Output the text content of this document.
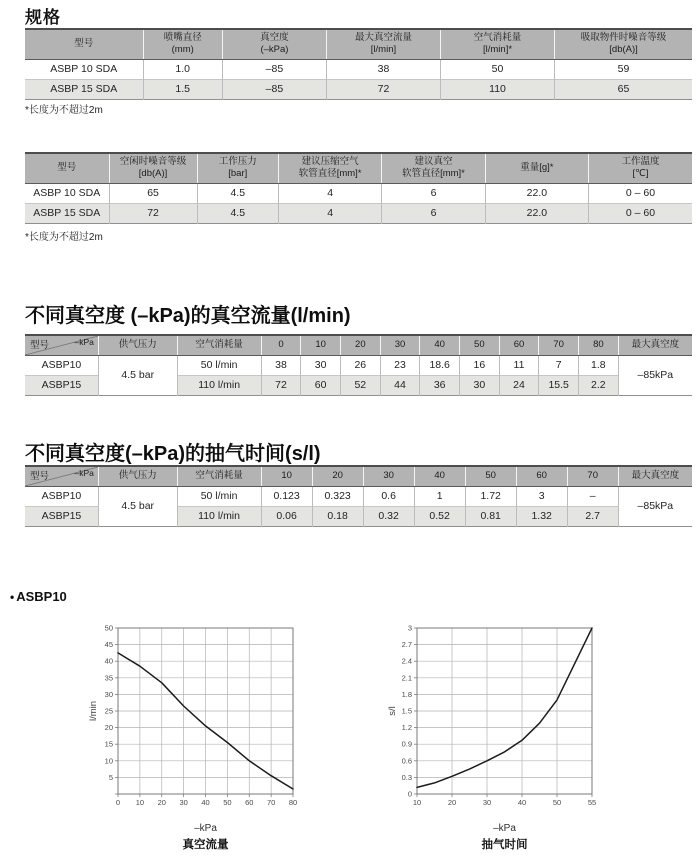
规格
型号

喷嘴直径
(mm)

真空度
(–kPa)

最大真空流量
[l/min]

空气消耗量
[l/min]*

吸取物件时噪音等级
[db(A)]

ASBP 10 SDA	1.0	–85	38	50	59
ASBP 15 SDA	1.5	–85	72	110	65
*长度为不超过2m
型号

空闲时噪音等级
[db(A)]

工作压力
[bar]

建议压缩空气
软管直径[mm]*

建议真空
软管直径[mm]*

重量[g]*

工作温度
[℃]

ASBP 10 SDA	65	4.5	4	6	22.0	0 – 60
ASBP 15 SDA	72	4.5	4	6	22.0	0 – 60
*长度为不超过2m
不同真空度 (–kPa)的真空流量(l/min)
–kPa
型号	供气压力	空气消耗量	0	10	20	30	40	50	60	70	80	最大真空度
ASBP10	4.5 bar	50 l/min	38	30	26	23	18.6	16	11	7	1.8	–85kPa
ASBP15		110 l/min	72	60	52	44	36	30	24	15.5	2.2	
不同真空度(–kPa)的抽气时间(s/l)
–kPa
型号	供气压力	空气消耗量	10	20	30	40	50	60	70	最大真空度
ASBP10	4.5 bar	50 l/min	0.123	0.323	0.6	1	1.72	3	–	–85kPa
ASBP15		110 l/min	0.06	0.18	0.32	0.52	0.81	1.32	2.7	
• ASBP10
5
10
15
20
25
30
35
40
45
50
0 10 20 30 40 50 60 70 80
l/min
–kPa
真空流量
0
0.3
0.6
0.9
1.2
1.5
1.8
2.1
2.4
2.7
3
10	20	30	40	50	55
s/l
–kPa
抽气时间
